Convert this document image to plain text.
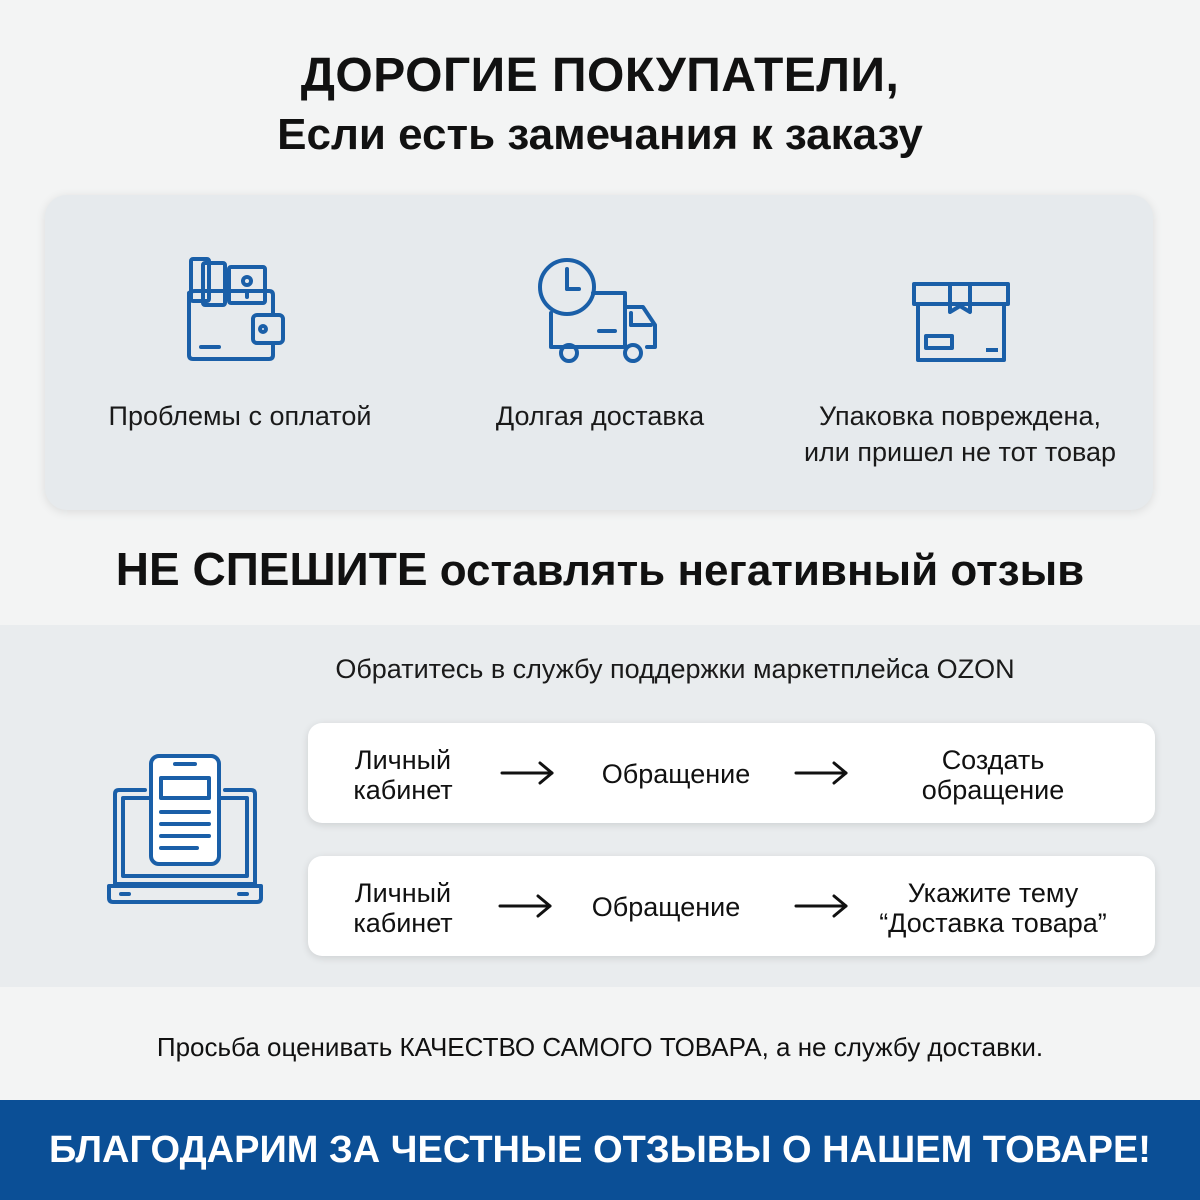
ДОРОГИЕ ПОКУПАТЕЛИ,
Если есть замечания к заказу
Проблемы с оплатой	Долгая доставка	Упаковка повреждена,
или пришел не тот товар
НЕ СПЕШИТЕ оставлять негативный отзыв
Обратитесь в службу поддержки маркетплейса OZON
Личный
кабинет
Обращение	Создать
обращение
Личный
кабинет
Обращение	Укажите тему
“Доставка товара”
Просьба оценивать КАЧЕСТВО САМОГО ТОВАРА, а не службу доставки.
БЛАГОДАРИМ ЗА ЧЕСТНЫЕ ОТЗЫВЫ О НАШЕМ ТОВАРЕ!
